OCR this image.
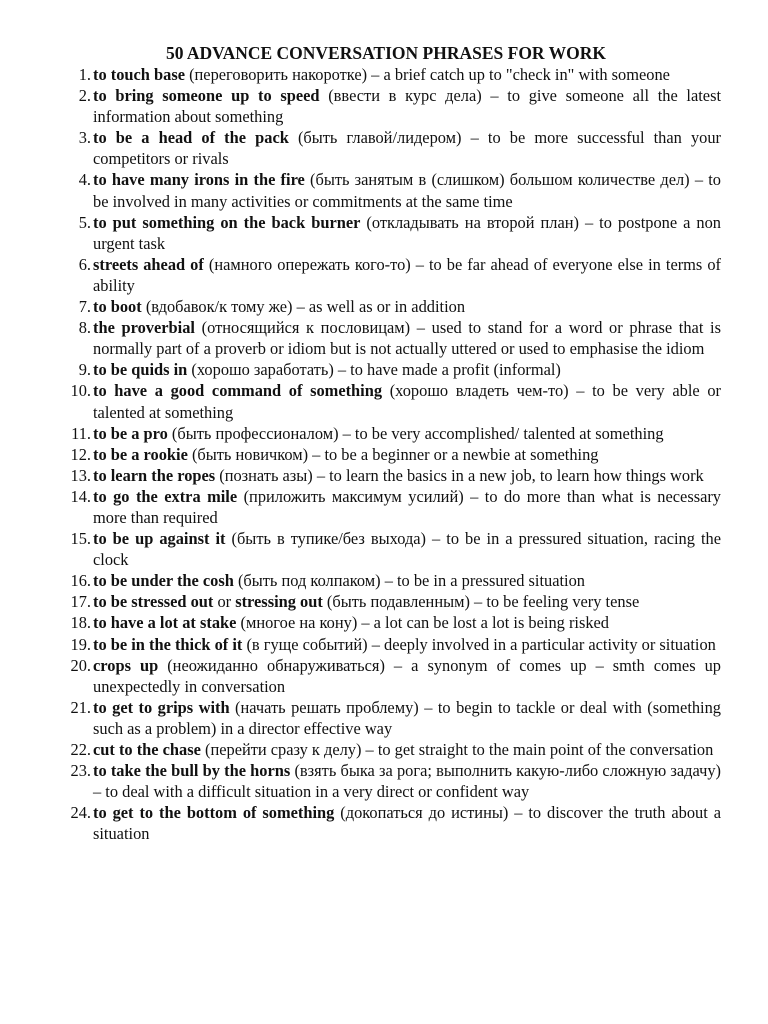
50 ADVANCE CONVERSATION PHRASES FOR WORK
1. to touch base (переговорить накоротке) – a brief catch up to "check in" with someone
2. to bring someone up to speed (ввести в курс дела) – to give someone all the latest information about something
3. to be a head of the pack (быть главой/лидером) – to be more successful than your competitors or rivals
4. to have many irons in the fire (быть занятым в (слишком) большом количестве дел) – to be involved in many activities or commitments at the same time
5. to put something on the back burner (откладывать на второй план) – to postpone a non urgent task
6. streets ahead of (намного опережать кого-то) – to be far ahead of everyone else in terms of ability
7. to boot (вдобавок/к тому же) – as well as or in addition
8. the proverbial (относящийся к пословицам) – used to stand for a word or phrase that is normally part of a proverb or idiom but is not actually uttered or used to emphasise the idiom
9. to be quids in (хорошо заработать) – to have made a profit (informal)
10. to have a good command of something (хорошо владеть чем-то) – to be very able or talented at something
11. to be a pro (быть профессионалом) – to be very accomplished/ talented at something
12. to be a rookie (быть новичком) – to be a beginner or a newbie at something
13. to learn the ropes (познать азы) – to learn the basics in a new job, to learn how things work
14. to go the extra mile (приложить максимум усилий) – to do more than what is necessary more than required
15. to be up against it (быть в тупике/без выхода) – to be in a pressured situation, racing the clock
16. to be under the cosh (быть под колпаком) – to be in a pressured situation
17. to be stressed out or stressing out (быть подавленным) – to be feeling very tense
18. to have a lot at stake (многое на кону) – a lot can be lost a lot is being risked
19. to be in the thick of it (в гуще событий) – deeply involved in a particular activity or situation
20. crops up (неожиданно обнаруживаться) – a synonym of comes up – smth comes up unexpectedly in conversation
21. to get to grips with (начать решать проблему) – to begin to tackle or deal with (something such as a problem) in a director effective way
22. cut to the chase (перейти сразу к делу) – to get straight to the main point of the conversation
23. to take the bull by the horns (взять быка за рога; выполнить какую-либо сложную задачу) – to deal with a difficult situation in a very direct or confident way
24. to get to the bottom of something (докопаться до истины) – to discover the truth about a situation
